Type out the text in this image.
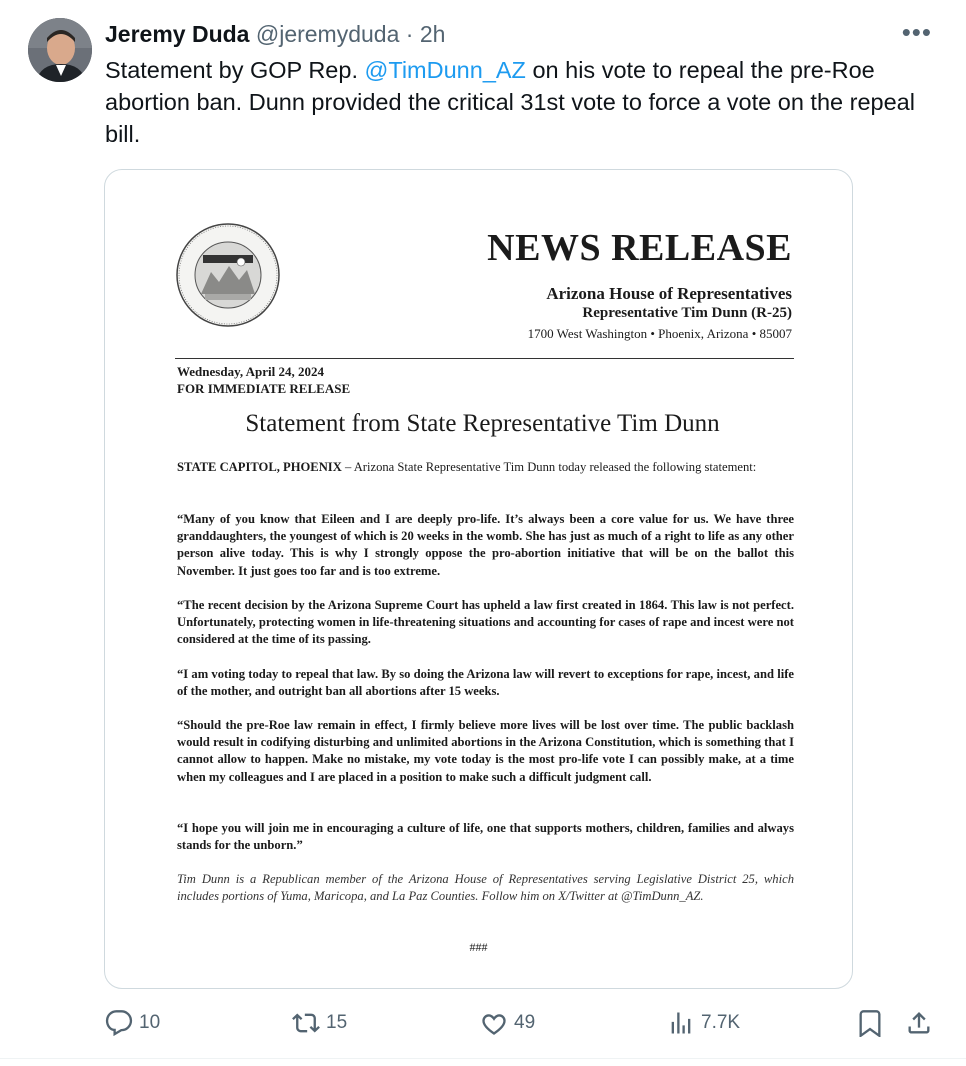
Jeremy Duda @jeremyduda · 2h	•••
Statement by GOP Rep. @TimDunn_AZ on his vote to repeal the pre-Roe abortion ban. Dunn provided the critical 31st vote to force a vote on the repeal bill.
NEWS RELEASE
Arizona House of Representatives
Representative Tim Dunn (R-25)
1700 West Washington • Phoenix, Arizona • 85007
Wednesday, April 24, 2024
FOR IMMEDIATE RELEASE
Statement from State Representative Tim Dunn
STATE CAPITOL, PHOENIX – Arizona State Representative Tim Dunn today released the following statement:
“Many of you know that Eileen and I are deeply pro-life. It’s always been a core value for us. We have three granddaughters, the youngest of which is 20 weeks in the womb. She has just as much of a right to life as any other person alive today. This is why I strongly oppose the pro-abortion initiative that will be on the ballot this November. It just goes too far and is too extreme.
“The recent decision by the Arizona Supreme Court has upheld a law first created in 1864. This law is not perfect. Unfortunately, protecting women in life-threatening situations and accounting for cases of rape and incest were not considered at the time of its passing.
“I am voting today to repeal that law. By so doing the Arizona law will revert to exceptions for rape, incest, and life of the mother, and outright ban all abortions after 15 weeks.
“Should the pre-Roe law remain in effect, I firmly believe more lives will be lost over time. The public backlash would result in codifying disturbing and unlimited abortions in the Arizona Constitution, which is something that I cannot allow to happen. Make no mistake, my vote today is the most pro-life vote I can possibly make, at a time when my colleagues and I are placed in a position to make such a difficult judgment call.
“I hope you will join me in encouraging a culture of life, one that supports mothers, children, families and always stands for the unborn.”
Tim Dunn is a Republican member of the Arizona House of Representatives serving Legislative District 25, which includes portions of Yuma, Maricopa, and La Paz Counties. Follow him on X/Twitter at @TimDunn_AZ.
###
10	15	49	7.7K
